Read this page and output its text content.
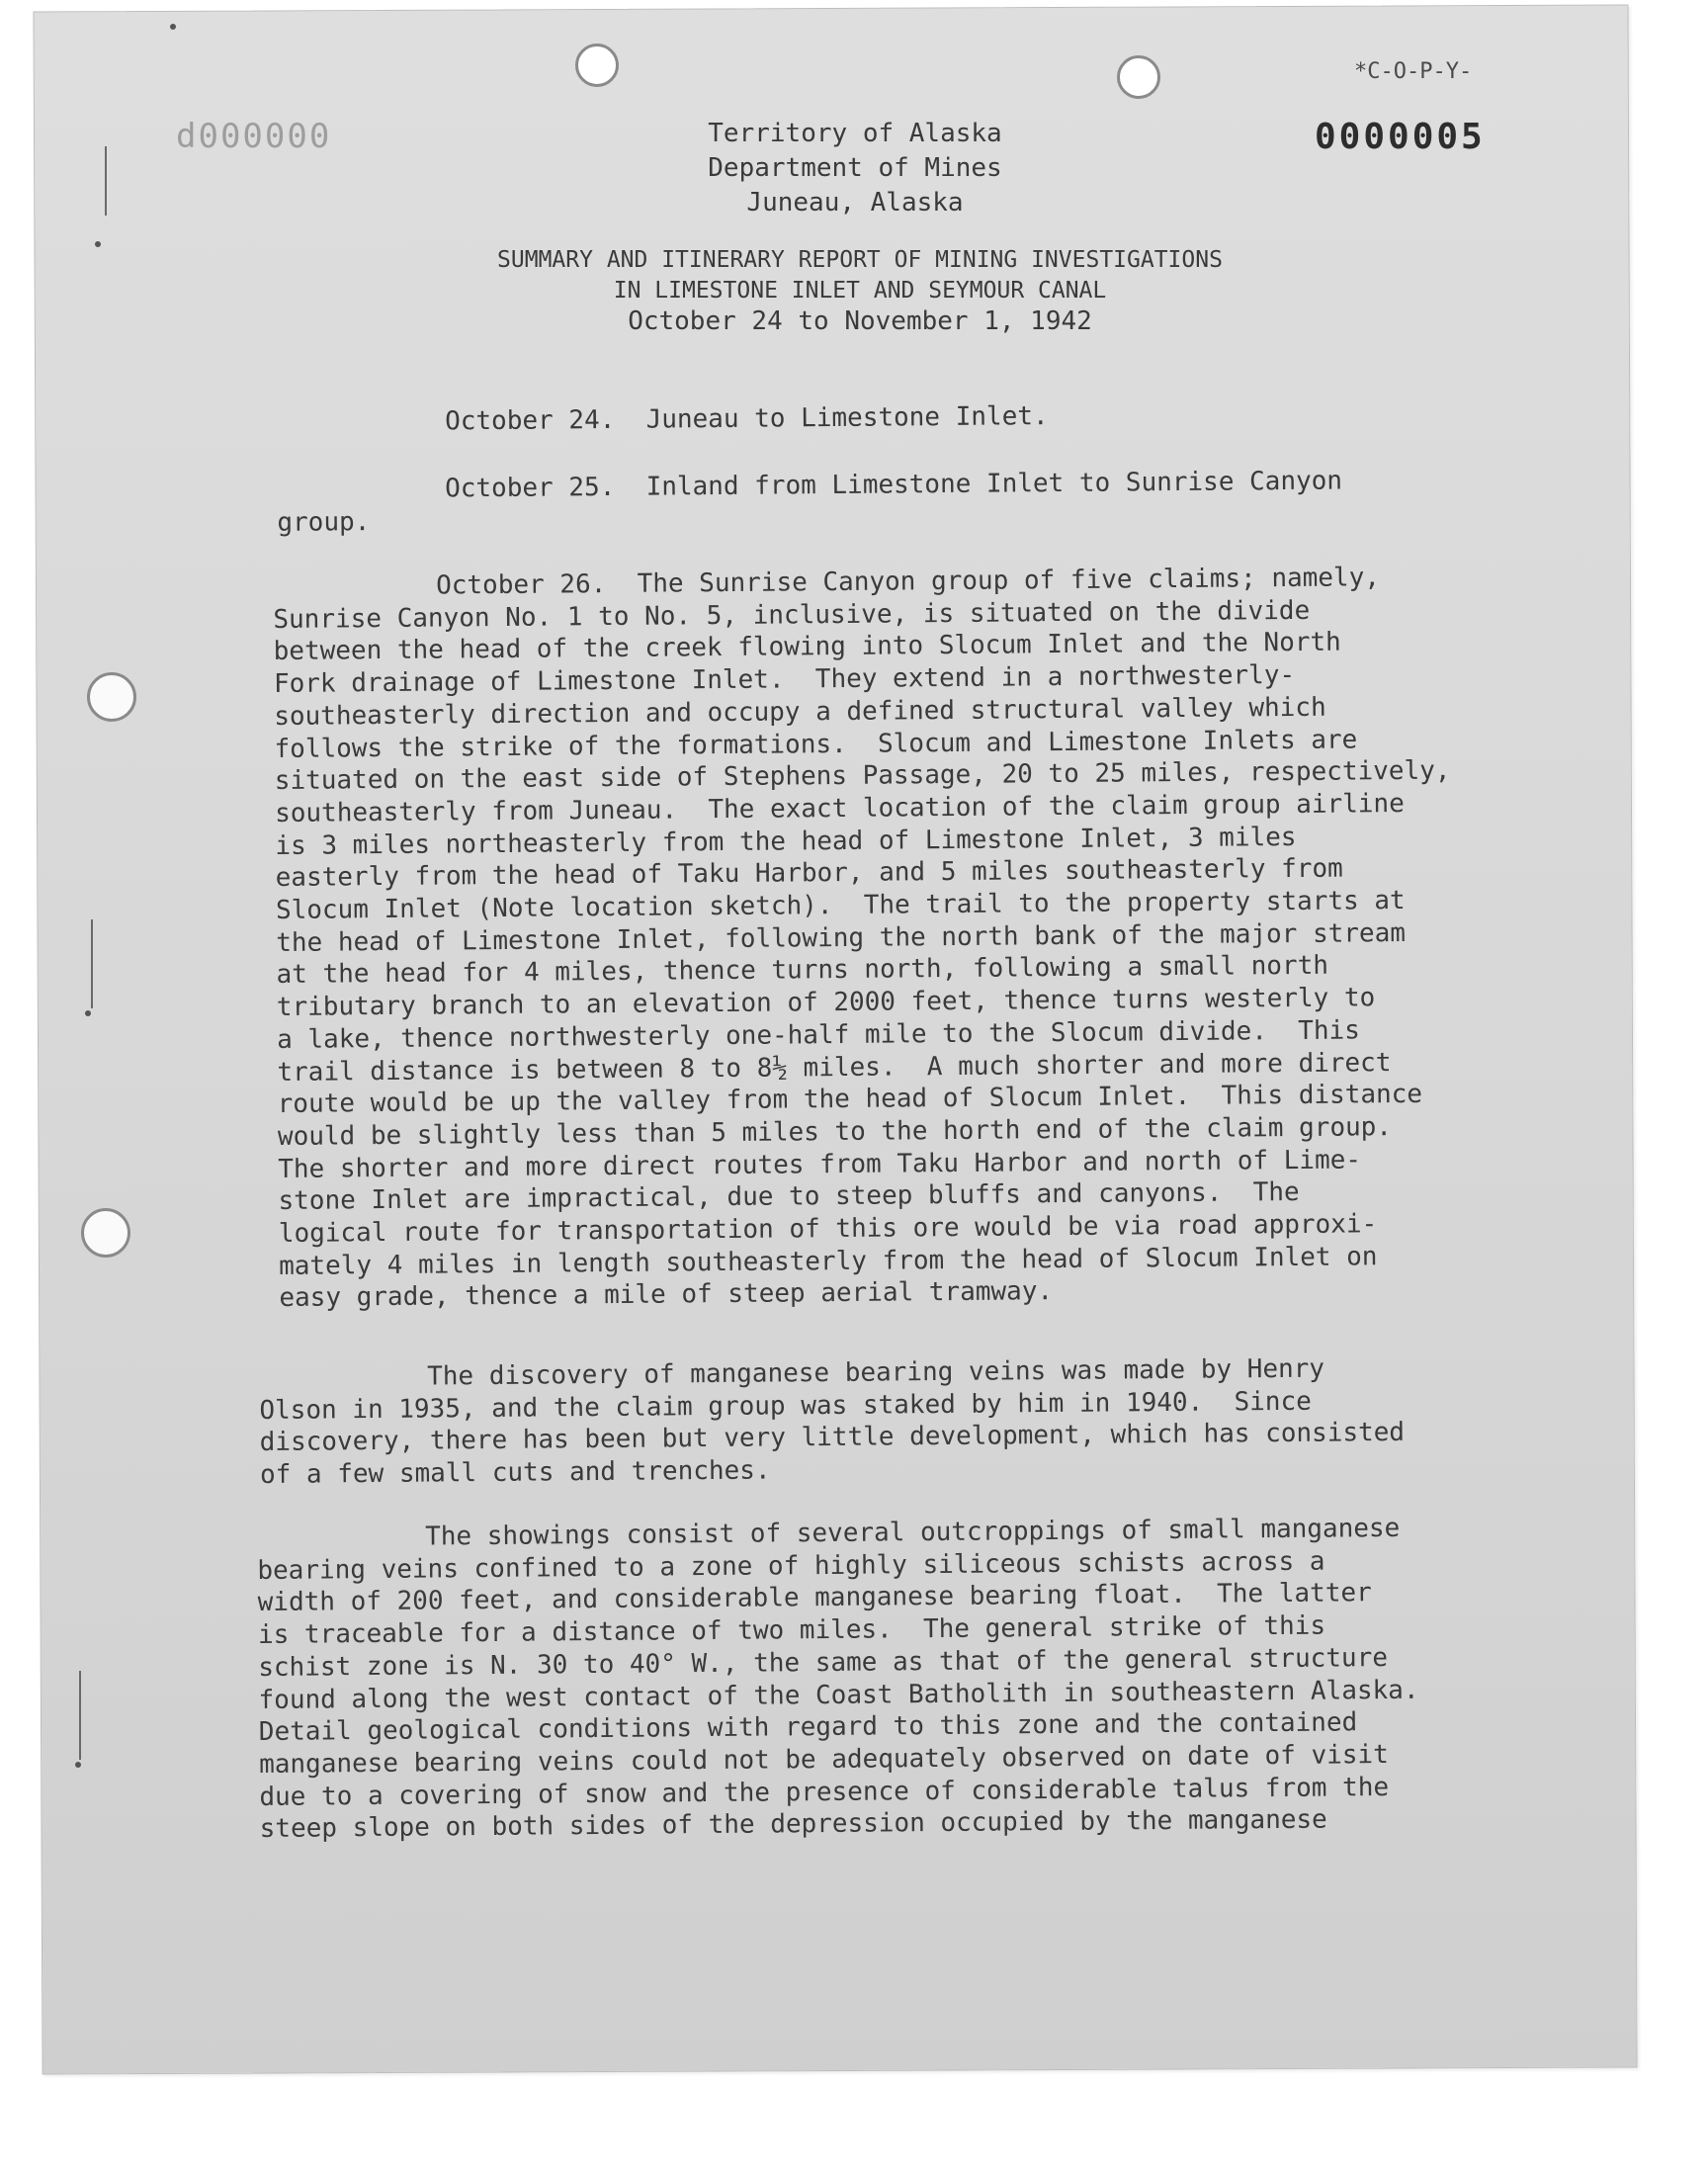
d000000
*C-O-P-Y-
0000005
Territory of Alaska
Department of Mines
Juneau, Alaska
SUMMARY AND ITINERARY REPORT OF MINING INVESTIGATIONS
IN LIMESTONE INLET AND SEYMOUR CANAL
October 24 to November 1, 1942
October 24.  Juneau to Limestone Inlet.
October 25.  Inland from Limestone Inlet to Sunrise Canyon
group.
October 26.  The Sunrise Canyon group of five claims; namely,
Sunrise Canyon No. 1 to No. 5, inclusive, is situated on the divide
between the head of the creek flowing into Slocum Inlet and the North
Fork drainage of Limestone Inlet.  They extend in a northwesterly-
southeasterly direction and occupy a defined structural valley which
follows the strike of the formations.  Slocum and Limestone Inlets are
situated on the east side of Stephens Passage, 20 to 25 miles, respectively,
southeasterly from Juneau.  The exact location of the claim group airline
is 3 miles northeasterly from the head of Limestone Inlet, 3 miles
easterly from the head of Taku Harbor, and 5 miles southeasterly from
Slocum Inlet (Note location sketch).  The trail to the property starts at
the head of Limestone Inlet, following the north bank of the major stream
at the head for 4 miles, thence turns north, following a small north
tributary branch to an elevation of 2000 feet, thence turns westerly to
a lake, thence northwesterly one-half mile to the Slocum divide.  This
trail distance is between 8 to 8½ miles.  A much shorter and more direct
route would be up the valley from the head of Slocum Inlet.  This distance
would be slightly less than 5 miles to the horth end of the claim group.
The shorter and more direct routes from Taku Harbor and north of Lime-
stone Inlet are impractical, due to steep bluffs and canyons.  The
logical route for transportation of this ore would be via road approxi-
mately 4 miles in length southeasterly from the head of Slocum Inlet on
easy grade, thence a mile of steep aerial tramway.
The discovery of manganese bearing veins was made by Henry
Olson in 1935, and the claim group was staked by him in 1940.  Since
discovery, there has been but very little development, which has consisted
of a few small cuts and trenches.
The showings consist of several outcroppings of small manganese
bearing veins confined to a zone of highly siliceous schists across a
width of 200 feet, and considerable manganese bearing float.  The latter
is traceable for a distance of two miles.  The general strike of this
schist zone is N. 30 to 40° W., the same as that of the general structure
found along the west contact of the Coast Batholith in southeastern Alaska.
Detail geological conditions with regard to this zone and the contained
manganese bearing veins could not be adequately observed on date of visit
due to a covering of snow and the presence of considerable talus from the
steep slope on both sides of the depression occupied by the manganese
